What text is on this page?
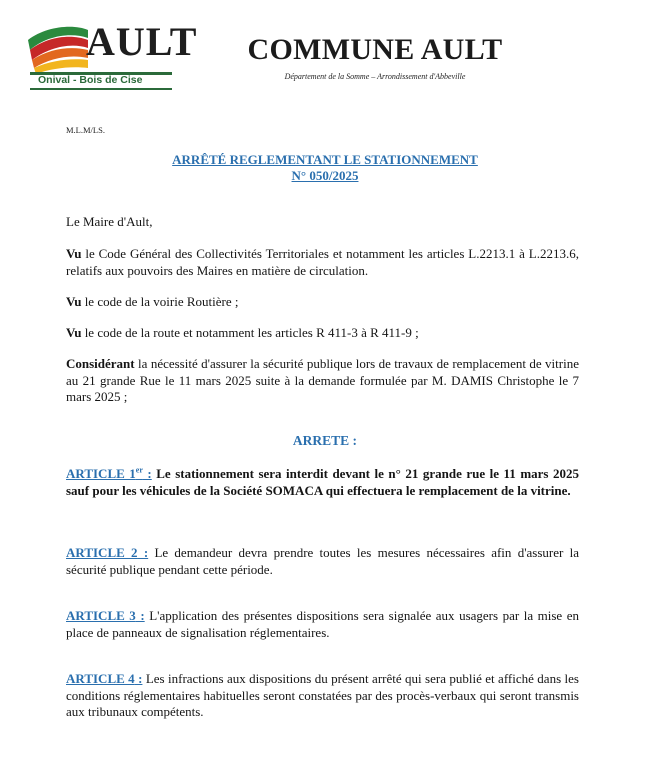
AULT
Onival - Bois de Cise
COMMUNE AULT
Département de la Somme – Arrondissement d'Abbeville
M.L.M/LS.
ARRÊTÉ REGLEMENTANT LE STATIONNEMENT
N° 050/2025
Le Maire d'Ault,
Vu le Code Général des Collectivités Territoriales et notamment les articles L.2213.1 à L.2213.6, relatifs aux pouvoirs des Maires en matière de circulation.
Vu le code de la voirie Routière ;
Vu le code de la route et notamment les articles R 411-3 à R 411-9 ;
Considérant la nécessité d'assurer la sécurité publique lors de travaux de remplacement de vitrine au 21 grande Rue le 11 mars 2025 suite à la demande formulée par M. DAMIS Christophe le 7 mars 2025 ;
ARRETE :
ARTICLE 1er : Le stationnement sera interdit devant le n° 21 grande rue le 11 mars 2025 sauf pour les véhicules de la Société SOMACA qui effectuera le remplacement de la vitrine.
ARTICLE 2 : Le demandeur devra prendre toutes les mesures nécessaires afin d'assurer la sécurité publique pendant cette période.
ARTICLE 3 : L'application des présentes dispositions sera signalée aux usagers par la mise en place de panneaux de signalisation réglementaires.
ARTICLE 4 : Les infractions aux dispositions du présent arrêté qui sera publié et affiché dans les conditions réglementaires habituelles seront constatées par des procès-verbaux qui seront transmis aux tribunaux compétents.
